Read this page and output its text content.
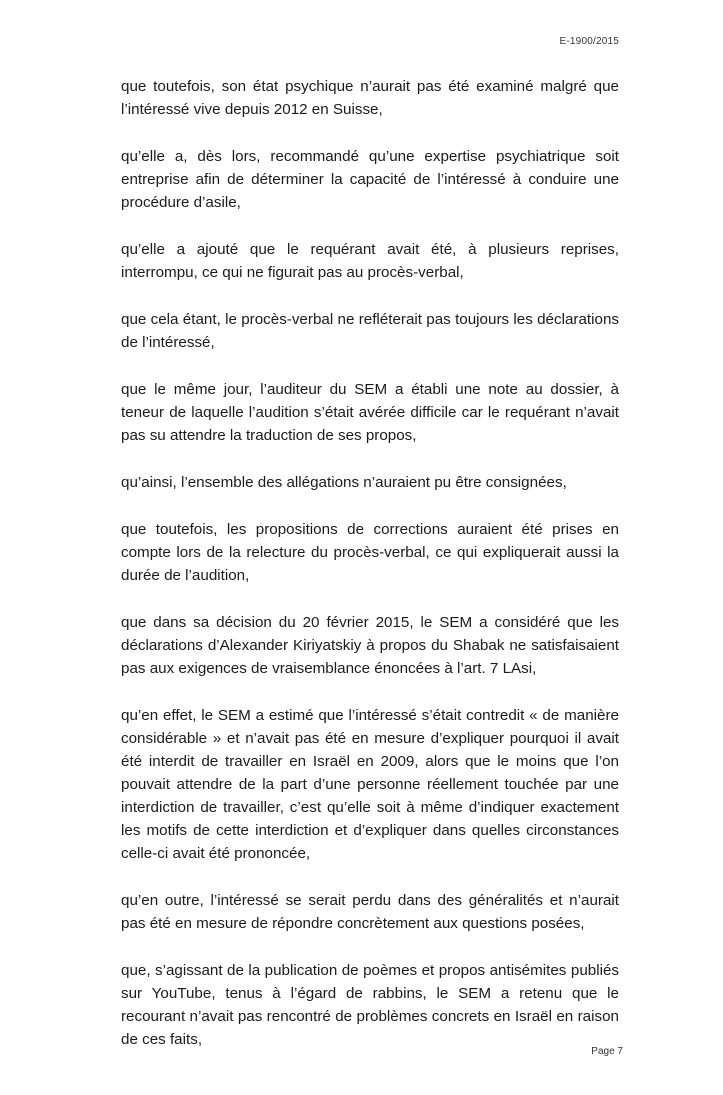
E-1900/2015

que toutefois, son état psychique n’aurait pas été examiné malgré que l’intéressé vive depuis 2012 en Suisse,

qu’elle a, dès lors, recommandé qu’une expertise psychiatrique soit entreprise afin de déterminer la capacité de l’intéressé à conduire une procédure d’asile,

qu’elle a ajouté que le requérant avait été, à plusieurs reprises, interrompu, ce qui ne figurait pas au procès-verbal,

que cela étant, le procès-verbal ne refléterait pas toujours les déclarations de l’intéressé,

que le même jour, l’auditeur du SEM a établi une note au dossier, à teneur de laquelle l’audition s’était avérée difficile car le requérant n’avait pas su attendre la traduction de ses propos,

qu’ainsi, l’ensemble des allégations n’auraient pu être consignées,

que toutefois, les propositions de corrections auraient été prises en compte lors de la relecture du procès-verbal, ce qui expliquerait aussi la durée de l’audition,

que dans sa décision du 20 février 2015, le SEM a considéré que les déclarations d’Alexander Kiriyatskiy à propos du Shabak ne satisfaisaient pas aux exigences de vraisemblance énoncées à l’art. 7 LAsi,

qu’en effet, le SEM a estimé que l’intéressé s’était contredit « de manière considérable » et n’avait pas été en mesure d’expliquer pourquoi il avait été interdit de travailler en Israël en 2009, alors que le moins que l’on pouvait attendre de la part d’une personne réellement touchée par une interdiction de travailler, c’est qu’elle soit à même d’indiquer exactement les motifs de cette interdiction et d’expliquer dans quelles circonstances celle-ci avait été prononcée,

qu’en outre, l’intéressé se serait perdu dans des généralités et n’aurait pas été en mesure de répondre concrètement aux questions posées,

que, s’agissant de la publication de poèmes et propos antisémites publiés sur YouTube, tenus à l’égard de rabbins, le SEM a retenu que le recourant n’avait pas rencontré de problèmes concrets en Israël en raison de ces faits,

Page 7
